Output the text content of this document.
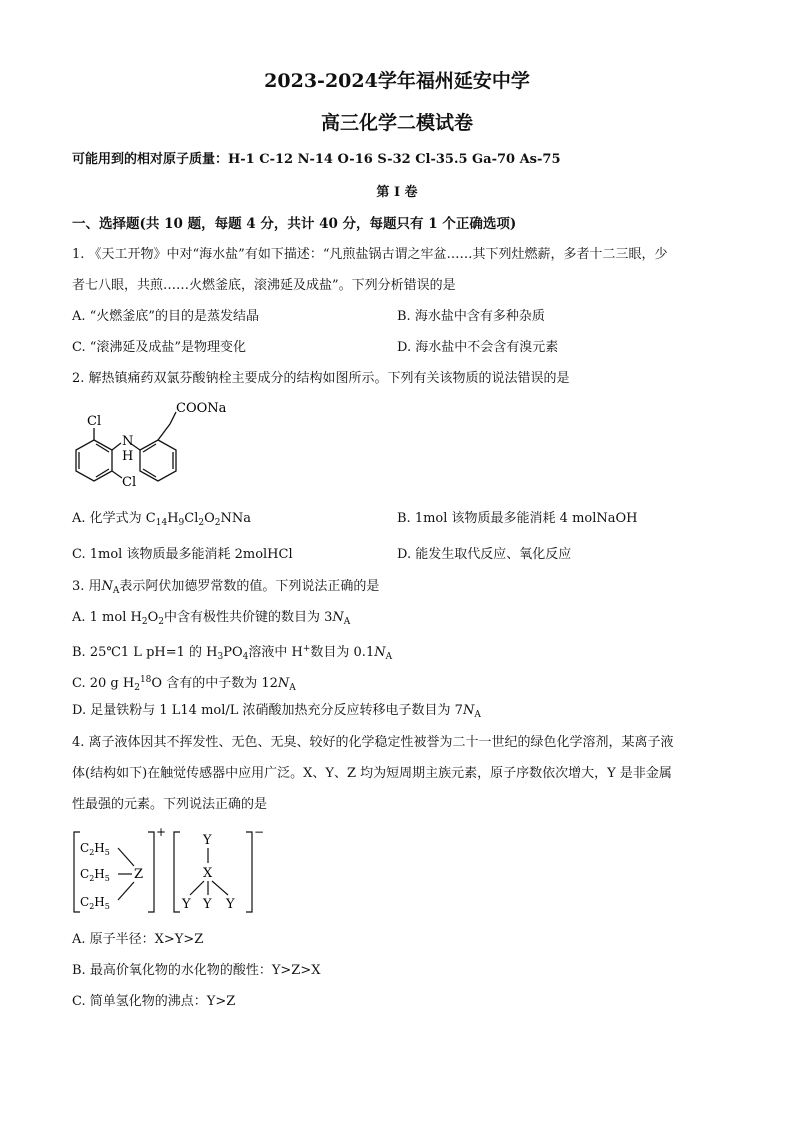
2023-2024学年福州延安中学
高三化学二模试卷
可能用到的相对原子质量：H-1 C-12 N-14 O-16 S-32 Cl-35.5 Ga-70 As-75
第 I 卷
一、选择题(共 10 题，每题 4 分，共计 40 分，每题只有 1 个正确选项)
1. 《天工开物》中对“海水盐”有如下描述：“凡煎盐锅古谓之牢盆……其下列灶燃薪，多者十二三眼，少
者七八眼，共煎……火燃釜底，滚沸延及成盐”。下列分析错误的是
A. “火燃釜底”的目的是蒸发结晶	B. 海水盐中含有多种杂质
C. “滚沸延及成盐”是物理变化	D. 海水盐中不会含有溴元素
2. 解热镇痛药双氯芬酸钠栓主要成分的结构如图所示。下列有关该物质的说法错误的是
Cl
N
H
Cl
COONa
A. 化学式为 $C_{14}H_9Cl_2O_2NNa$	B. 1mol 该物质最多能消耗 4 molNaOH
C. 1mol 该物质最多能消耗 2molHCl	D. 能发生取代反应、氧化反应
3. 用$N_A$表示阿伏加德罗常数的值。下列说法正确的是
A. 1 mol $H_2O_2$中含有极性共价键的数目为 $3N_A$
B. 25℃1 L pH=1 的 $H_3PO_4$溶液中 H+数目为 $0.1N_A$
C. 20 g $H_2^{18}O$ 含有的中子数为 $12N_A$
D. 足量铁粉与 1 L14 mol/L 浓硝酸加热充分反应转移电子数目为 $7N_A$
4. 离子液体因其不挥发性、无色、无臭、较好的化学稳定性被誉为二十一世纪的绿色化学溶剂，某离子液
体(结构如下)在触觉传感器中应用广泛。X、Y、Z 均为短周期主族元素，原子序数依次增大，Y 是非金属
性最强的元素。下列说法正确的是
$C_2H_5$
$C_2H_5$
$C_2H_5$
Z
+	−
Y
X
Y Y Y
A. 原子半径：X>Y>Z
B. 最高价氧化物的水化物的酸性：Y>Z>X
C. 简单氢化物的沸点：Y>Z
